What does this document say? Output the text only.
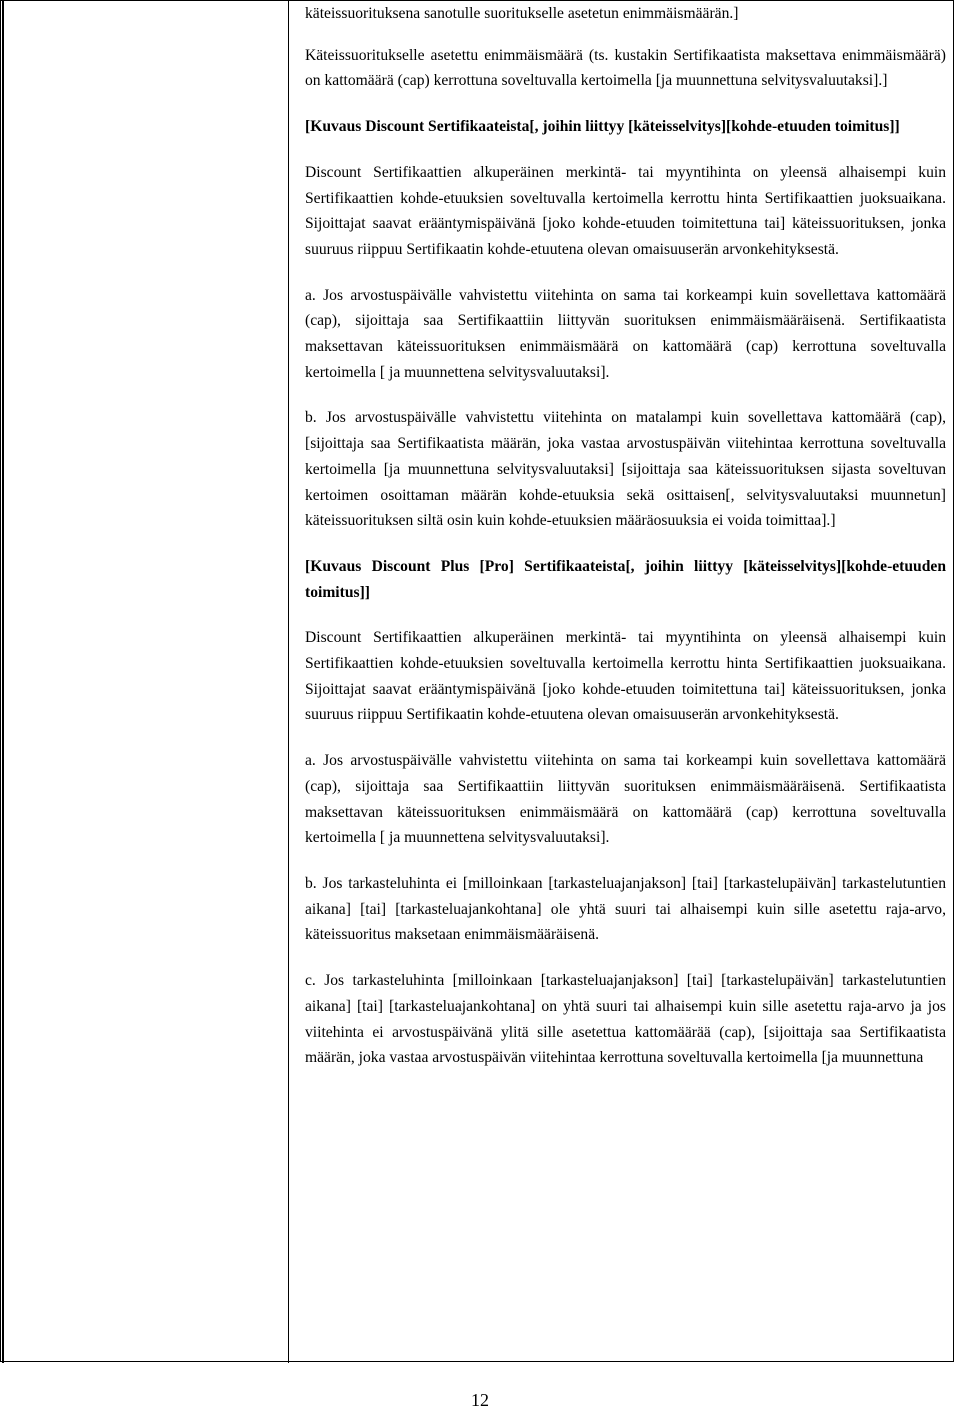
käteissuorituksena sanotulle suoritukselle asetetun enimmäismäärän.]

Käteissuoritukselle asetettu enimmäismäärä (ts. kustakin Sertifikaatista maksettava enimmäismäärä) on kattomäärä (cap) kerrottuna soveltuvalla kertoimella [ja muunnettuna selvitysvaluutaksi].]

[Kuvaus Discount Sertifikaateista[, joihin liittyy [käteisselvitys][kohde-etuuden toimitus]]

Discount Sertifikaattien alkuperäinen merkintä- tai myyntihinta on yleensä alhaisempi kuin Sertifikaattien kohde-etuuksien soveltuvalla kertoimella kerrottu hinta Sertifikaattien juoksuaikana. Sijoittajat saavat erääntymispäivänä [joko kohde-etuuden toimitettuna tai] käteissuorituksen, jonka suuruus riippuu Sertifikaatin kohde-etuutena olevan omaisuuserän arvonkehityksestä.

a. Jos arvostuspäivälle vahvistettu viitehinta on sama tai korkeampi kuin sovellettava kattomäärä (cap), sijoittaja saa Sertifikaattiin liittyvän suorituksen enimmäismääräisenä. Sertifikaatista maksettavan käteissuorituksen enimmäismäärä on kattomäärä (cap) kerrottuna soveltuvalla kertoimella [ ja muunnettena selvitysvaluutaksi].

b. Jos arvostuspäivälle vahvistettu viitehinta on matalampi kuin sovellettava kattomäärä (cap), [sijoittaja saa Sertifikaatista määrän, joka vastaa arvostuspäivän viitehintaa kerrottuna soveltuvalla kertoimella [ja muunnettuna selvitysvaluutaksi] [sijoittaja saa käteissuorituksen sijasta soveltuvan kertoimen osoittaman määrän kohde-etuuksia sekä osittaisen[, selvitysvaluutaksi muunnetun] käteissuorituksen siltä osin kuin kohde-etuuksien määräosuuksia ei voida toimittaa].]

[Kuvaus Discount Plus [Pro] Sertifikaateista[, joihin liittyy [käteisselvitys][kohde-etuuden toimitus]]

Discount Sertifikaattien alkuperäinen merkintä- tai myyntihinta on yleensä alhaisempi kuin Sertifikaattien kohde-etuuksien soveltuvalla kertoimella kerrottu hinta Sertifikaattien juoksuaikana. Sijoittajat saavat erääntymispäivänä [joko kohde-etuuden toimitettuna tai] käteissuorituksen, jonka suuruus riippuu Sertifikaatin kohde-etuutena olevan omaisuuserän arvonkehityksestä.

a. Jos arvostuspäivälle vahvistettu viitehinta on sama tai korkeampi kuin sovellettava kattomäärä (cap), sijoittaja saa Sertifikaattiin liittyvän suorituksen enimmäismääräisenä. Sertifikaatista maksettavan käteissuorituksen enimmäismäärä on kattomäärä (cap) kerrottuna soveltuvalla kertoimella [ ja muunnettena selvitysvaluutaksi].

b. Jos tarkasteluhinta ei [milloinkaan [tarkasteluajanjakson] [tai] [tarkastelupäivän] tarkastelutuntien aikana] [tai] [tarkasteluajankohtana] ole yhtä suuri tai alhaisempi kuin sille asetettu raja-arvo, käteissuoritus maksetaan enimmäismääräisenä.

c. Jos tarkasteluhinta [milloinkaan [tarkasteluajanjakson] [tai] [tarkastelupäivän] tarkastelutuntien aikana] [tai] [tarkasteluajankohtana] on yhtä suuri tai alhaisempi kuin sille asetettu raja-arvo ja jos viitehinta ei arvostuspäivänä ylitä sille asetettua kattomäärää (cap), [sijoittaja saa Sertifikaatista määrän, joka vastaa arvostuspäivän viitehintaa kerrottuna soveltuvalla kertoimella [ja muunnettuna

12
